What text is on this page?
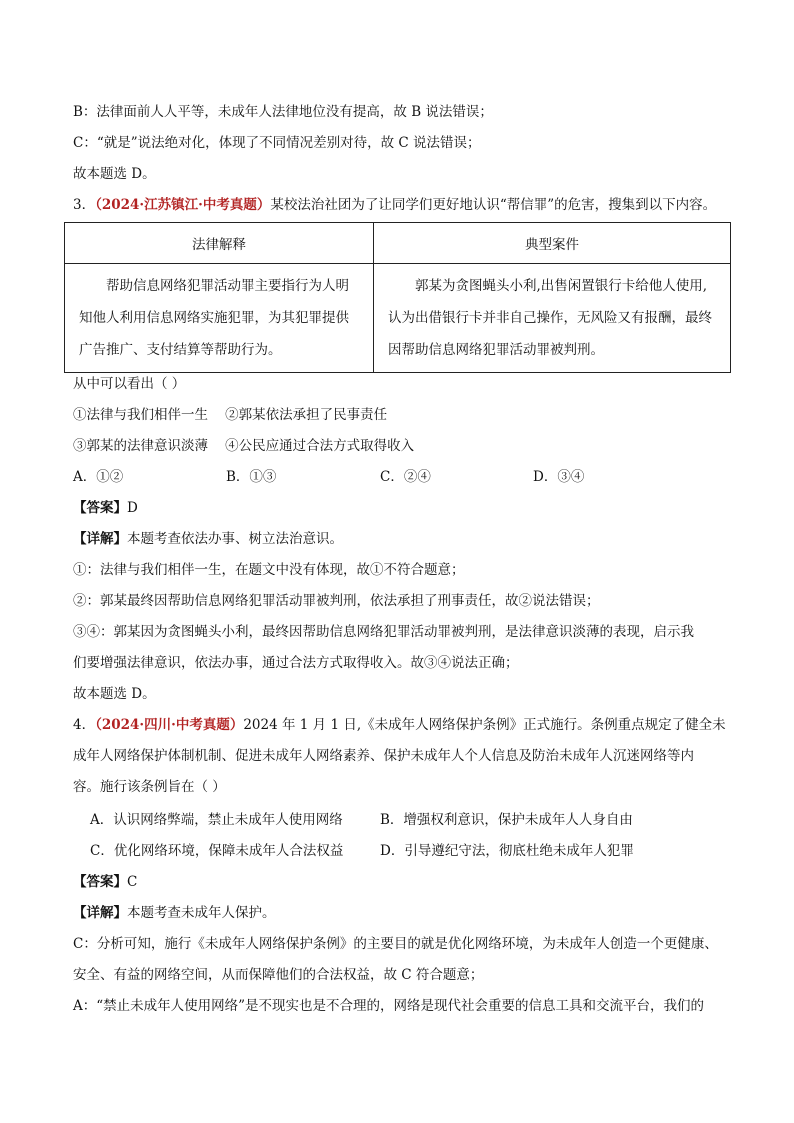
B：法律面前人人平等，未成年人法律地位没有提高，故 B 说法错误；
C：“就是”说法绝对化，体现了不同情况差别对待，故 C 说法错误；
故本题选 D。
3．（2024·江苏镇江·中考真题）某校法治社团为了让同学们更好地认识“帮信罪”的危害，搜集到以下内容。
法律解释	典型案件

帮助信息网络犯罪活动罪主要指行为人明知他人利用信息网络实施犯罪，为其犯罪提供广告推广、支付结算等帮助行为。	郭某为贪图蝇头小利,出售闲置银行卡给他人使用,认为出借银行卡并非自己操作，无风险又有报酬，最终因帮助信息网络犯罪活动罪被判刑。
从中可以看出（ ）
①法律与我们相伴一生    ②郭某依法承担了民事责任
③郭某的法律意识淡薄    ④公民应通过合法方式取得收入
A．①②	B．①③	C．②④	D．③④
【答案】D
【详解】本题考查依法办事、树立法治意识。
①：法律与我们相伴一生，在题文中没有体现，故①不符合题意；
②：郭某最终因帮助信息网络犯罪活动罪被判刑，依法承担了刑事责任，故②说法错误；
③④：郭某因为贪图蝇头小利，最终因帮助信息网络犯罪活动罪被判刑，是法律意识淡薄的表现，启示我
们要增强法律意识，依法办事，通过合法方式取得收入。故③④说法正确；
故本题选 D。
4．（2024·四川·中考真题）2024 年 1 月 1 日,《未成年人网络保护条例》正式施行。条例重点规定了健全未
成年人网络保护体制机制、促进未成年人网络素养、保护未成年人个人信息及防治未成年人沉迷网络等内
容。施行该条例旨在（ ）
A．认识网络弊端，禁止未成年人使用网络	B．增强权利意识，保护未成年人人身自由
C．优化网络环境，保障未成年人合法权益	D．引导遵纪守法，彻底杜绝未成年人犯罪
【答案】C
【详解】本题考查未成年人保护。
C：分析可知，施行《未成年人网络保护条例》的主要目的就是优化网络环境，为未成年人创造一个更健康、
安全、有益的网络空间，从而保障他们的合法权益，故 C 符合题意；
A：“禁止未成年人使用网络”是不现实也是不合理的，网络是现代社会重要的信息工具和交流平台，我们的
